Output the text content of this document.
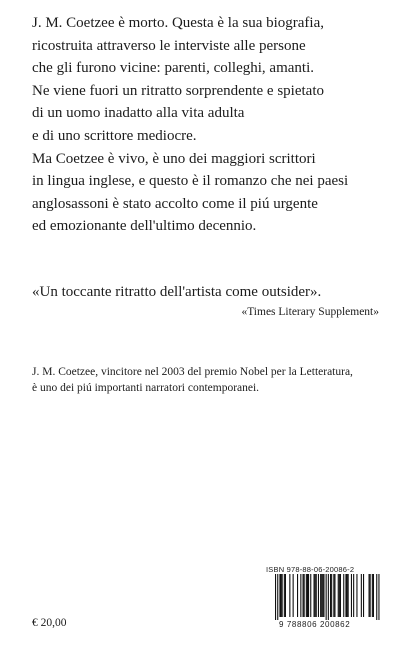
J. M. Coetzee è morto. Questa è la sua biografia,
ricostruita attraverso le interviste alle persone
che gli furono vicine: parenti, colleghi, amanti.
Ne viene fuori un ritratto sorprendente e spietato
di un uomo inadatto alla vita adulta
e di uno scrittore mediocre.
Ma Coetzee è vivo, è uno dei maggiori scrittori
in lingua inglese, e questo è il romanzo che nei paesi
anglosassoni è stato accolto come il piú urgente
ed emozionante dell'ultimo decennio.

«Un toccante ritratto dell'artista come outsider».

«Times Literary Supplement»

J. M. Coetzee, vincitore nel 2003 del premio Nobel per la Letteratura,
è uno dei piú importanti narratori contemporanei.

€ 20,00

ISBN 978-88-06-20086-2

9 788806 200862
